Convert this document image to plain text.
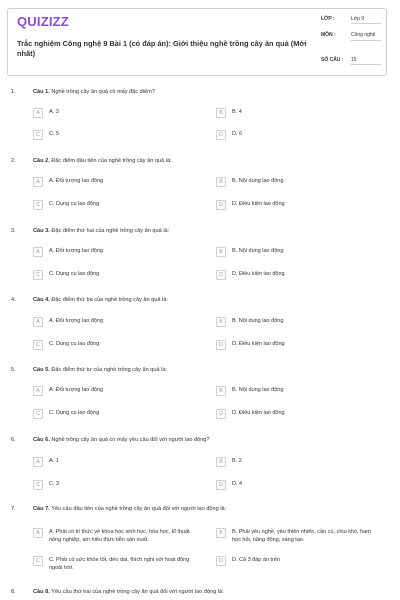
QUIZIZZ
Trắc nghiệm Công nghệ 9 Bài 1 (có đáp án): Giới thiệu nghề trồng cây ăn quả (Mới nhất)
LỚP :	Lớp 9
MÔN :	Công nghệ
SỐ CÂU : 15
1.	Câu 1. Nghề trồng cây ăn quả có mấy đặc điểm?
A	A. 3	B	B. 4
C	C. 5	D	D. 6
2.	Câu 2. Đặc điểm đầu tiên của nghề trồng cây ăn quả là:
A	A. Đối tượng lao động	B	B. Nội dung lao động
C	C. Dụng cụ lao động	D	D. Điều kiện lao động
3.	Câu 3. Đặc điểm thứ hai của nghề trồng cây ăn quả là:
A	A. Đối tượng lao động	B	B. Nội dung lao động
C	C. Dụng cụ lao động	D	D. Điều kiện lao động
4.	Câu 4. Đặc điểm thứ ba của nghề trồng cây ăn quả là:
A	A. Đối tượng lao động	B	B. Nội dung lao động
C	C. Dụng cụ lao động	D	D. Điều kiện lao động
5.	Câu 5. Đặc điểm thứ tư của nghề trồng cây ăn quả là:
A	A. Đối tượng lao động	B	B. Nội dung lao động
C	C. Dụng cụ lao động	D	D. Điều kiện lao động
6.	Câu 6. Nghề trồng cây ăn quả có mấy yêu cầu đối với người lao động?
A	A. 1	B	B. 2
C	C. 3	D	D. 4
7.	Câu 7. Yêu cầu đầu tiên của nghề trồng cây ăn quả đối với người lao động là:
A	A. Phải có tri thức về khoa học sinh học, hóa học, kĩ thuật nông nghiệp, am hiểu thực tiễn sản xuất.
B	B. Phải yêu nghề, yêu thiên nhiên, cần cù, chịu khó, ham học hỏi, năng động, sáng tạo.
C	C. Phải có sức khỏe tốt, dẻo dai, thích nghi với hoạt động ngoài trời.
D	D. Cả 3 đáp án trên
8.	Câu 8. Yêu cầu thứ hai của nghề trồng cây ăn quả đối với người lao động là:
